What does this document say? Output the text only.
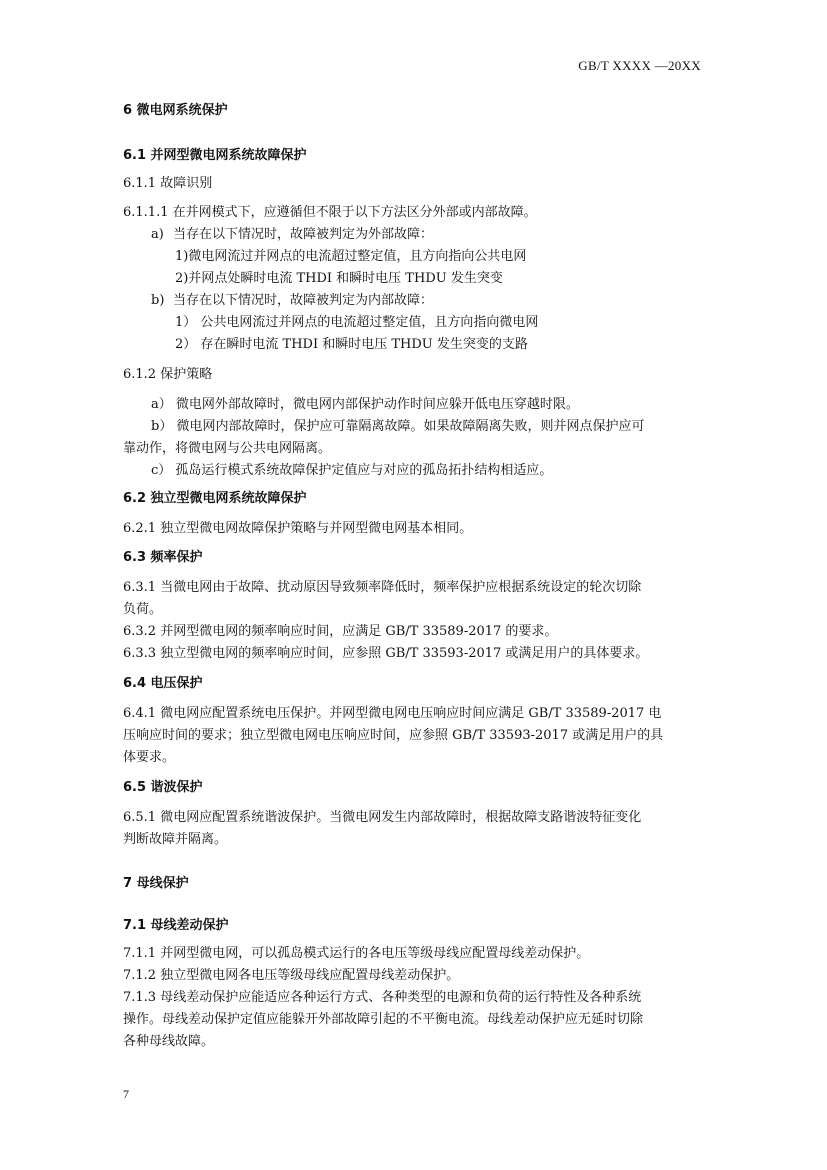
GB/T XXXX —20XX

6 微电网系统保护

6.1 并网型微电网系统故障保护

6.1.1 故障识别

6.1.1.1 在并网模式下，应遵循但不限于以下方法区分外部或内部故障。

a) 当存在以下情况时，故障被判定为外部故障：

1)微电网流过并网点的电流超过整定值，且方向指向公共电网

2)并网点处瞬时电流 THDI 和瞬时电压 THDU 发生突变

b) 当存在以下情况时，故障被判定为内部故障：

1） 公共电网流过并网点的电流超过整定值，且方向指向微电网

2） 存在瞬时电流 THDI 和瞬时电压 THDU 发生突变的支路

6.1.2 保护策略

a） 微电网外部故障时，微电网内部保护动作时间应躲开低电压穿越时限。

b） 微电网内部故障时，保护应可靠隔离故障。如果故障隔离失败，则并网点保护应可

靠动作，将微电网与公共电网隔离。

c） 孤岛运行模式系统故障保护定值应与对应的孤岛拓扑结构相适应。

6.2 独立型微电网系统故障保护

6.2.1 独立型微电网故障保护策略与并网型微电网基本相同。

6.3 频率保护

6.3.1 当微电网由于故障、扰动原因导致频率降低时，频率保护应根据系统设定的轮次切除

负荷。

6.3.2 并网型微电网的频率响应时间，应满足 GB/T 33589-2017 的要求。

6.3.3 独立型微电网的频率响应时间，应参照 GB/T 33593-2017 或满足用户的具体要求。

6.4 电压保护

6.4.1 微电网应配置系统电压保护。并网型微电网电压响应时间应满足 GB/T 33589-2017 电

压响应时间的要求；独立型微电网电压响应时间，应参照 GB/T 33593-2017 或满足用户的具

体要求。

6.5 谐波保护

6.5.1 微电网应配置系统谐波保护。当微电网发生内部故障时，根据故障支路谐波特征变化

判断故障并隔离。

7 母线保护

7.1 母线差动保护

7.1.1 并网型微电网，可以孤岛模式运行的各电压等级母线应配置母线差动保护。

7.1.2 独立型微电网各电压等级母线应配置母线差动保护。

7.1.3 母线差动保护应能适应各种运行方式、各种类型的电源和负荷的运行特性及各种系统

操作。母线差动保护定值应能躲开外部故障引起的不平衡电流。母线差动保护应无延时切除

各种母线故障。

7
